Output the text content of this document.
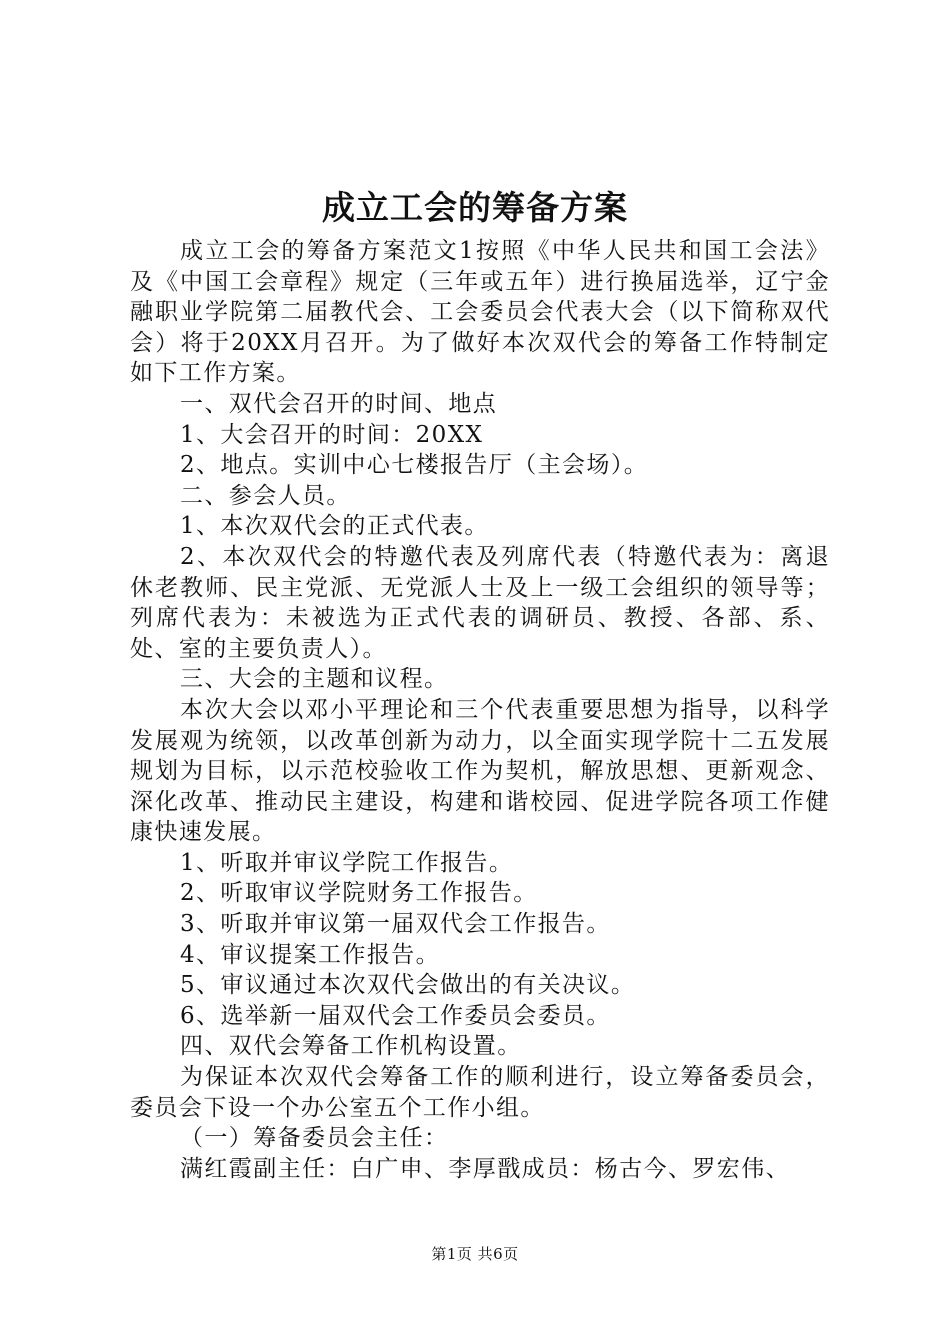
成立工会的筹备方案

成立工会的筹备方案范文1按照《中华人民共和国工会法》及《中国工会章程》规定（三年或五年）进行换届选举，辽宁金融职业学院第二届教代会、工会委员会代表大会（以下简称双代会）将于20XX月召开。为了做好本次双代会的筹备工作特制定如下工作方案。

一、双代会召开的时间、地点

1、大会召开的时间：20XX

2、地点。实训中心七楼报告厅（主会场）。

二、参会人员。

1、本次双代会的正式代表。

2、本次双代会的特邀代表及列席代表（特邀代表为：离退休老教师、民主党派、无党派人士及上一级工会组织的领导等；列席代表为：未被选为正式代表的调研员、教授、各部、系、处、室的主要负责人）。

三、大会的主题和议程。

本次大会以邓小平理论和三个代表重要思想为指导，以科学发展观为统领，以改革创新为动力，以全面实现学院十二五发展规划为目标，以示范校验收工作为契机，解放思想、更新观念、深化改革、推动民主建设，构建和谐校园、促进学院各项工作健康快速发展。

1、听取并审议学院工作报告。

2、听取审议学院财务工作报告。

3、听取并审议第一届双代会工作报告。

4、审议提案工作报告。

5、审议通过本次双代会做出的有关决议。

6、选举新一届双代会工作委员会委员。

四、双代会筹备工作机构设置。

为保证本次双代会筹备工作的顺利进行，设立筹备委员会，委员会下设一个办公室五个工作小组。

（一）筹备委员会主任：

满红霞副主任：白广申、李厚戬成员：杨古今、罗宏伟、

第1页 共6页
